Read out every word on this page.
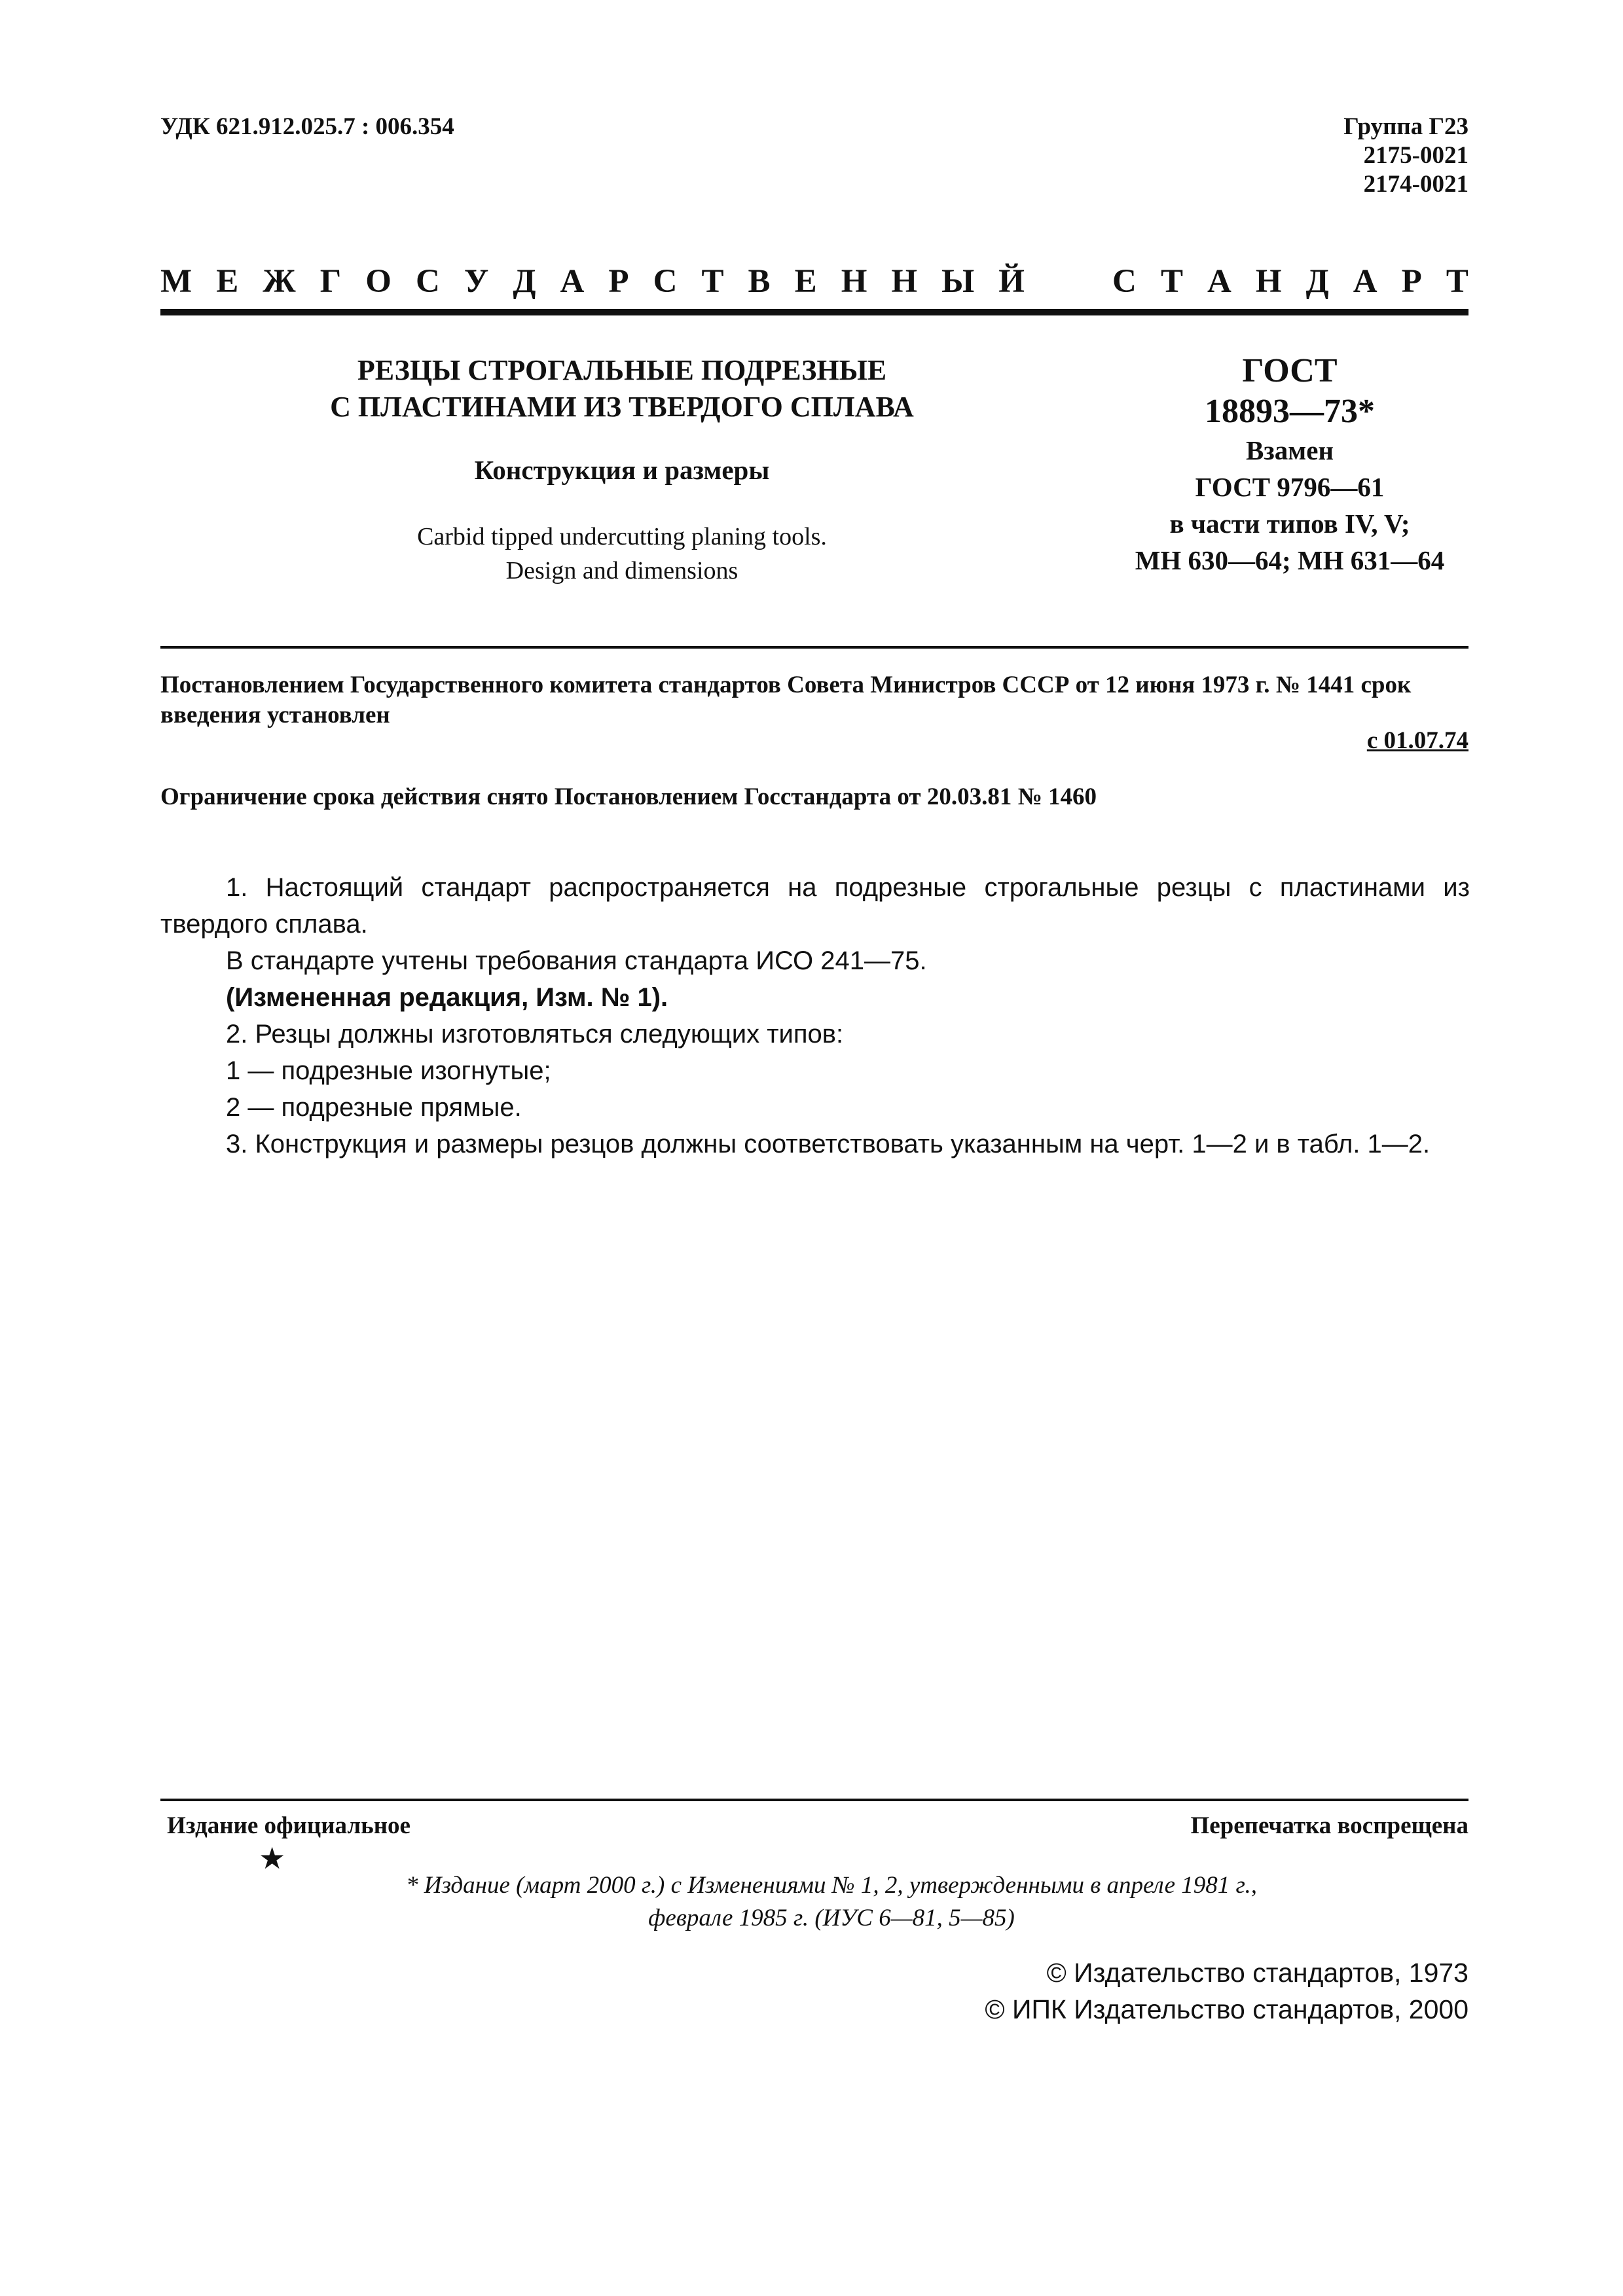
УДК 621.912.025.7 : 006.354	Группа Г23
2175-0021
2174-0021
М Е Ж Г О С У Д А Р С Т В Е Н Н Ы Й	С Т А Н Д А Р Т
РЕЗЦЫ СТРОГАЛЬНЫЕ ПОДРЕЗНЫЕ
С ПЛАСТИНАМИ ИЗ ТВЕРДОГО СПЛАВА
Конструкция и размеры
Carbid tipped undercutting planing tools.
Design and dimensions
ГОСТ
18893—73*
Взамен
ГОСТ 9796—61
в части типов IV, V;
МН 630—64; МН 631—64
Постановлением Государственного комитета стандартов Совета Министров СССР от 12 июня 1973 г. № 1441 срок введения установлен
с 01.07.74
Ограничение срока действия снято Постановлением Госстандарта от 20.03.81 № 1460

1. Настоящий стандарт распространяется на подрезные строгальные резцы с пластинами из твердого сплава.

В стандарте учтены требования стандарта ИСО 241—75.

(Измененная редакция, Изм. № 1).

2. Резцы должны изготовляться следующих типов:

1 — подрезные изогнутые;

2 — подрезные прямые.

3. Конструкция и размеры резцов должны соответствовать указанным на черт. 1—2 и в табл. 1—2.

Издание официальное	Перепечатка воспрещена
★
* Издание (март 2000 г.) с Изменениями № 1, 2, утвержденными в апреле 1981 г.,
феврале 1985 г. (ИУС 6—81, 5—85)
© Издательство стандартов, 1973
© ИПК Издательство стандартов, 2000
